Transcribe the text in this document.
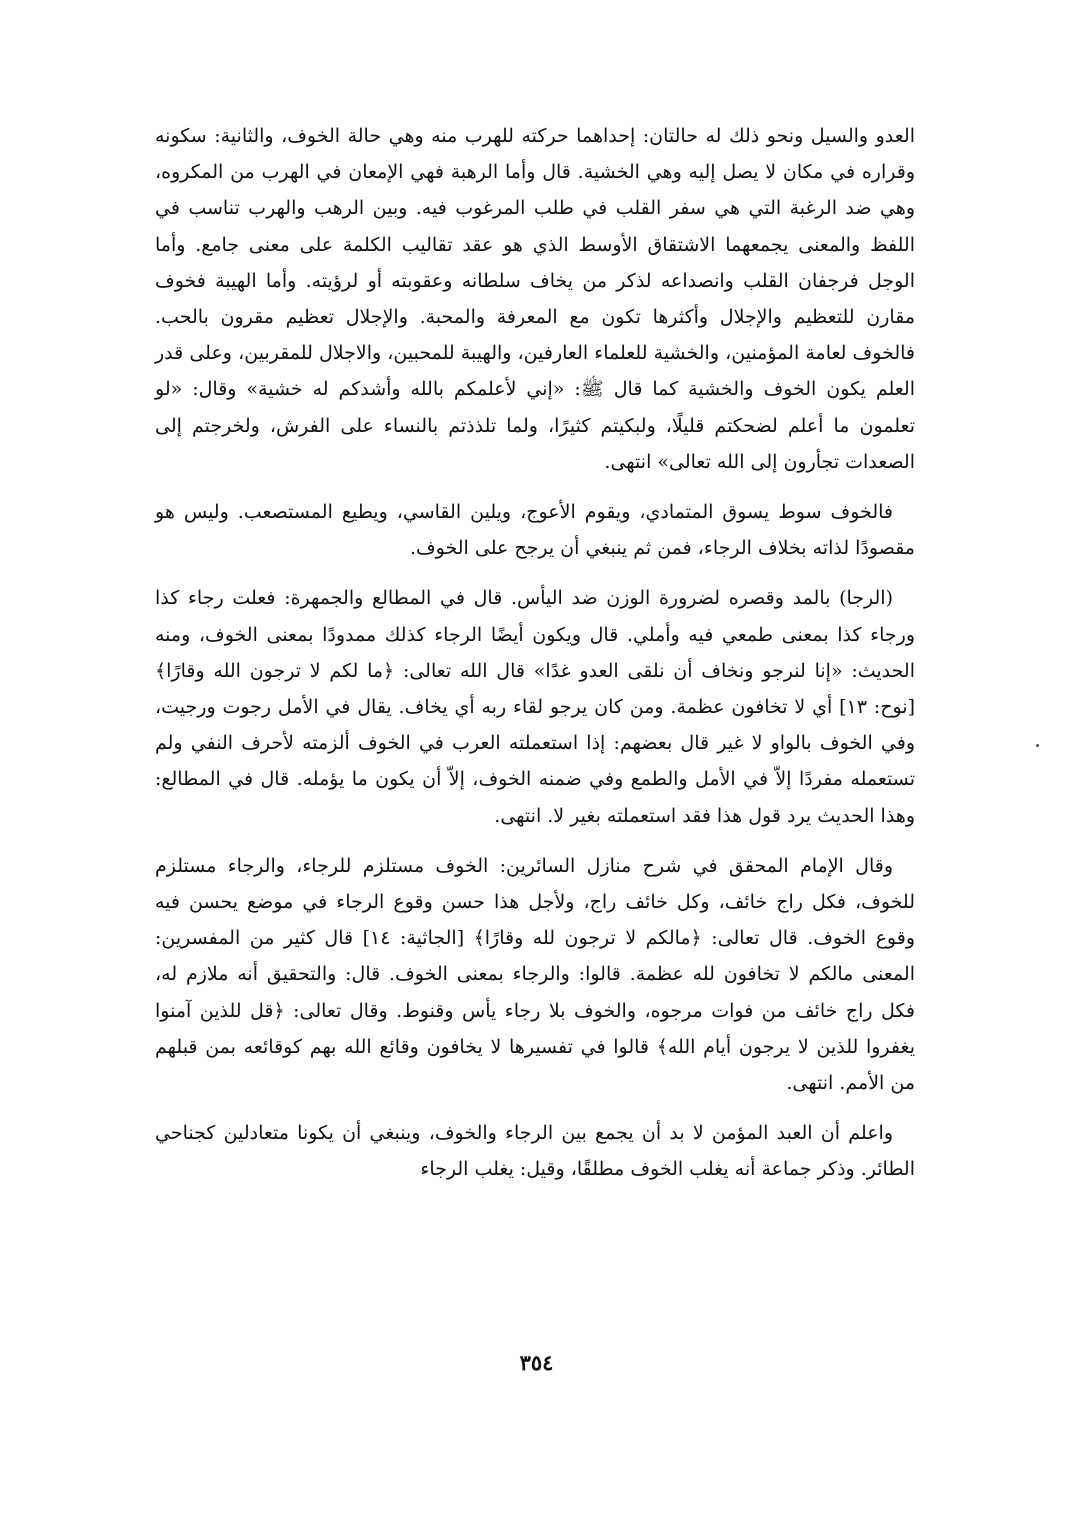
العدو والسيل ونحو ذلك له حالتان: إحداهما حركته للهرب منه وهي حالة الخوف، والثانية: سكونه وقراره في مكان لا يصل إليه وهي الخشية. قال وأما الرهبة فهي الإمعان في الهرب من المكروه، وهي ضد الرغبة التي هي سفر القلب في طلب المرغوب فيه. وبين الرهب والهرب تناسب في اللفظ والمعنى يجمعهما الاشتقاق الأوسط الذي هو عقد تقاليب الكلمة على معنى جامع. وأما الوجل فرجفان القلب وانصداعه لذكر من يخاف سلطانه وعقوبته أو لرؤيته. وأما الهيبة فخوف مقارن للتعظيم والإجلال وأكثرها تكون مع المعرفة والمحبة. والإجلال تعظيم مقرون بالحب. فالخوف لعامة المؤمنين، والخشية للعلماء العارفين، والهيبة للمحبين، والاجلال للمقربين، وعلى قدر العلم يكون الخوف والخشية كما قال ﷺ: «إني لأعلمكم بالله وأشدكم له خشية» وقال: «لو تعلمون ما أعلم لضحكتم قليلًا، ولبكيتم كثيرًا، ولما تلذذتم بالنساء على الفرش، ولخرجتم إلى الصعدات تجأرون إلى الله تعالى» انتهى.

فالخوف سوط يسوق المتمادي، ويقوم الأعوج، ويلين القاسي، ويطيع المستصعب. وليس هو مقصودًا لذاته بخلاف الرجاء، فمن ثم ينبغي أن يرجح على الخوف.

(الرجا) بالمد وقصره لضرورة الوزن ضد اليأس. قال في المطالع والجمهرة: فعلت رجاء كذا ورجاء كذا بمعنى طمعي فيه وأملي. قال ويكون أيضًا الرجاء كذلك ممدودًا بمعنى الخوف، ومنه الحديث: «إنا لنرجو ونخاف أن نلقى العدو غدًا» قال الله تعالى: ﴿ما لكم لا ترجون الله وقارًا﴾ [نوح: ١٣] أي لا تخافون عظمة. ومن كان يرجو لقاء ربه أي يخاف. يقال في الأمل رجوت ورجيت، وفي الخوف بالواو لا غير قال بعضهم: إذا استعملته العرب في الخوف ألزمته لأحرف النفي ولم تستعمله مفردًا إلاّ في الأمل والطمع وفي ضمنه الخوف، إلاّ أن يكون ما يؤمله. قال في المطالع: وهذا الحديث يرد قول هذا فقد استعملته بغير لا. انتهى.

وقال الإمام المحقق في شرح منازل السائرين: الخوف مستلزم للرجاء، والرجاء مستلزم للخوف، فكل راج خائف، وكل خائف راج، ولأجل هذا حسن وقوع الرجاء في موضع يحسن فيه وقوع الخوف. قال تعالى: ﴿مالكم لا ترجون لله وقارًا﴾ [الجاثية: ١٤] قال كثير من المفسرين: المعنى مالكم لا تخافون لله عظمة. قالوا: والرجاء بمعنى الخوف. قال: والتحقيق أنه ملازم له، فكل راج خائف من فوات مرجوه، والخوف بلا رجاء يأس وقنوط. وقال تعالى: ﴿قل للذين آمنوا يغفروا للذين لا يرجون أيام الله﴾ قالوا في تفسيرها لا يخافون وقائع الله بهم كوقائعه بمن قبلهم من الأمم. انتهى.

واعلم أن العبد المؤمن لا بد أن يجمع بين الرجاء والخوف، وينبغي أن يكونا متعادلين كجناحي الطائر. وذكر جماعة أنه يغلب الخوف مطلقًا، وقيل: يغلب الرجاء

٣٥٤
